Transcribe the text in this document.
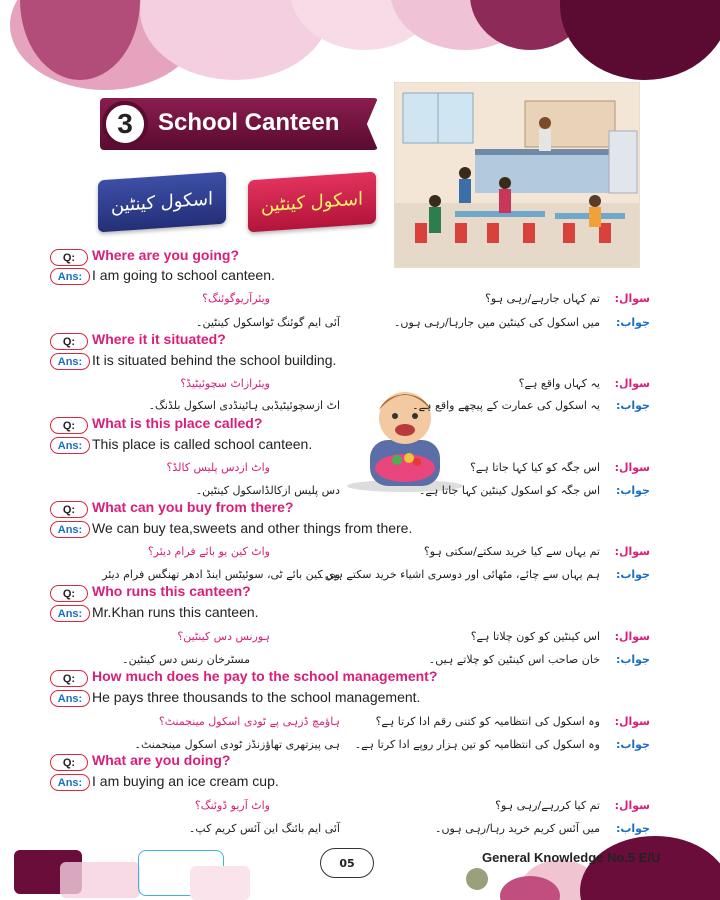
3	School Canteen
اسکول کینٹین	اسکول کینٹین
Q:	Where are you going?
Ans: I am going to school canteen.
ویئرآریوگوئنگ؟
آئی ایم گوئنگ ٹواسکول کینٹین۔
سوال:
تم کہاں جارہے/رہی ہو؟
جواب:
میں اسکول کی کینٹین میں جارہا/رہی ہوں۔
Q:	Where it it situated?
Ans: It is situated behind the school building.
ویئرازاٹ سچوئیٹیڈ؟
اٹ ازسچوئیٹیڈبی ہائینڈدی اسکول بلڈنگ۔
سوال:
یہ کہاں واقع ہے؟
جواب:
یہ اسکول کی عمارت کے پیچھے واقع ہے۔
Q:	What is this place called?
Ans: This place is called school canteen.
واٹ ازدس پلیس کالڈ؟
دس پلیس ازکالڈاسکول کینٹین۔
سوال:
اس جگہ کو کیا کہا جاتا ہے؟
جواب:
اس جگہ کو اسکول کینٹین کہا جاتا ہے۔
Q:	What can you buy from there?
Ans: We can buy tea,sweets and other things from there.
واٹ کین یو بائے فرام دیئر؟
وی کین بائے ٹی، سوئیٹس اینڈ ادھر تھنگس فرام دیئر
سوال:
تم یہاں سے کیا خرید سکتے/سکتی ہو؟
جواب:
ہم یہاں سے چائے، مٹھائی اور دوسری اشیاء خرید سکتے ہیں۔
Q:	Who runs this canteen?
Ans: Mr.Khan runs this canteen.
ہورنس دس کینٹین؟
مسٹرخان رنس دس کینٹین۔
سوال:
اس کینٹین کو کون چلاتا ہے؟
جواب:
خان صاحب اس کینٹین کو چلاتے ہیں۔
Q:	How much does he pay to the school management?
Ans: He pays three thousands to the school management.
ہاؤمچ ڈزہی پے ٹودی اسکول مینجمنٹ؟
ہی پیزتھری تھاؤزنڈز ٹودی اسکول مینجمنٹ۔
سوال:
وہ اسکول کی انتظامیہ کو کتنی رقم ادا کرتا ہے؟
جواب:
وہ اسکول کی انتظامیہ کو تین ہزار روپے ادا کرتا ہے۔
Q:	What are you doing?
Ans: I am buying an ice cream cup.
واٹ آریو ڈوئنگ؟
آئی ایم بائنگ این آئس کریم کپ۔
سوال:
تم کیا کررہے/رہی ہو؟
جواب:
میں آئس کریم خرید رہا/رہی ہوں۔
05	General Knowledge No.5 E/U
